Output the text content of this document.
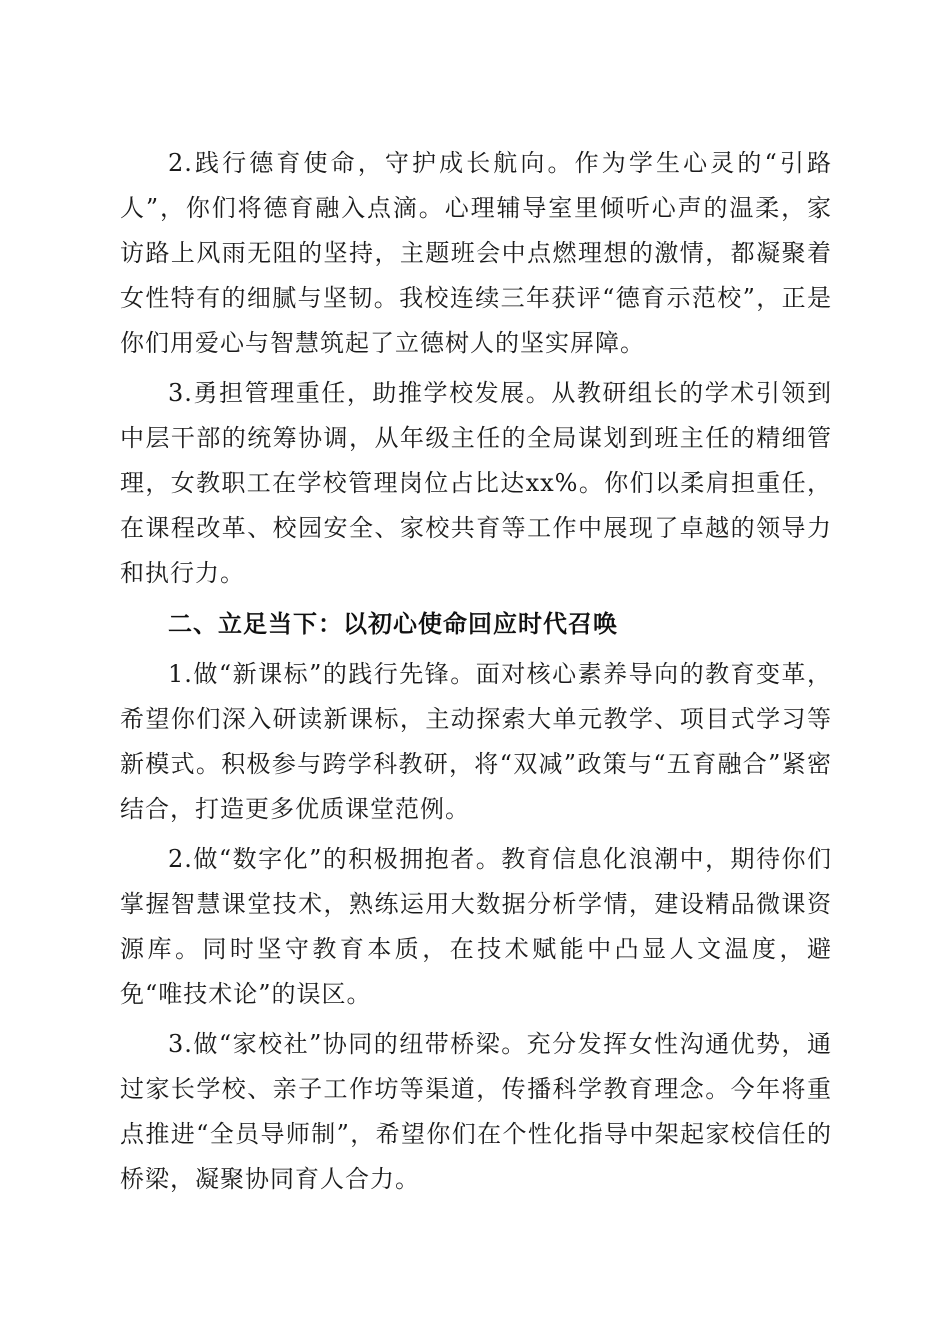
2.践行德育使命，守护成长航向。作为学生心灵的“引路人”，你们将德育融入点滴。心理辅导室里倾听心声的温柔，家访路上风雨无阻的坚持，主题班会中点燃理想的激情，都凝聚着女性特有的细腻与坚韧。我校连续三年获评“德育示范校”，正是你们用爱心与智慧筑起了立德树人的坚实屏障。

3.勇担管理重任，助推学校发展。从教研组长的学术引领到中层干部的统筹协调，从年级主任的全局谋划到班主任的精细管理，女教职工在学校管理岗位占比达xx%。你们以柔肩担重任，在课程改革、校园安全、家校共育等工作中展现了卓越的领导力和执行力。

二、立足当下：以初心使命回应时代召唤

1.做“新课标”的践行先锋。面对核心素养导向的教育变革，希望你们深入研读新课标，主动探索大单元教学、项目式学习等新模式。积极参与跨学科教研，将“双减”政策与“五育融合”紧密结合，打造更多优质课堂范例。

2.做“数字化”的积极拥抱者。教育信息化浪潮中，期待你们掌握智慧课堂技术，熟练运用大数据分析学情，建设精品微课资源库。同时坚守教育本质，在技术赋能中凸显人文温度，避免“唯技术论”的误区。

3.做“家校社”协同的纽带桥梁。充分发挥女性沟通优势，通过家长学校、亲子工作坊等渠道，传播科学教育理念。今年将重点推进“全员导师制”，希望你们在个性化指导中架起家校信任的桥梁，凝聚协同育人合力。
